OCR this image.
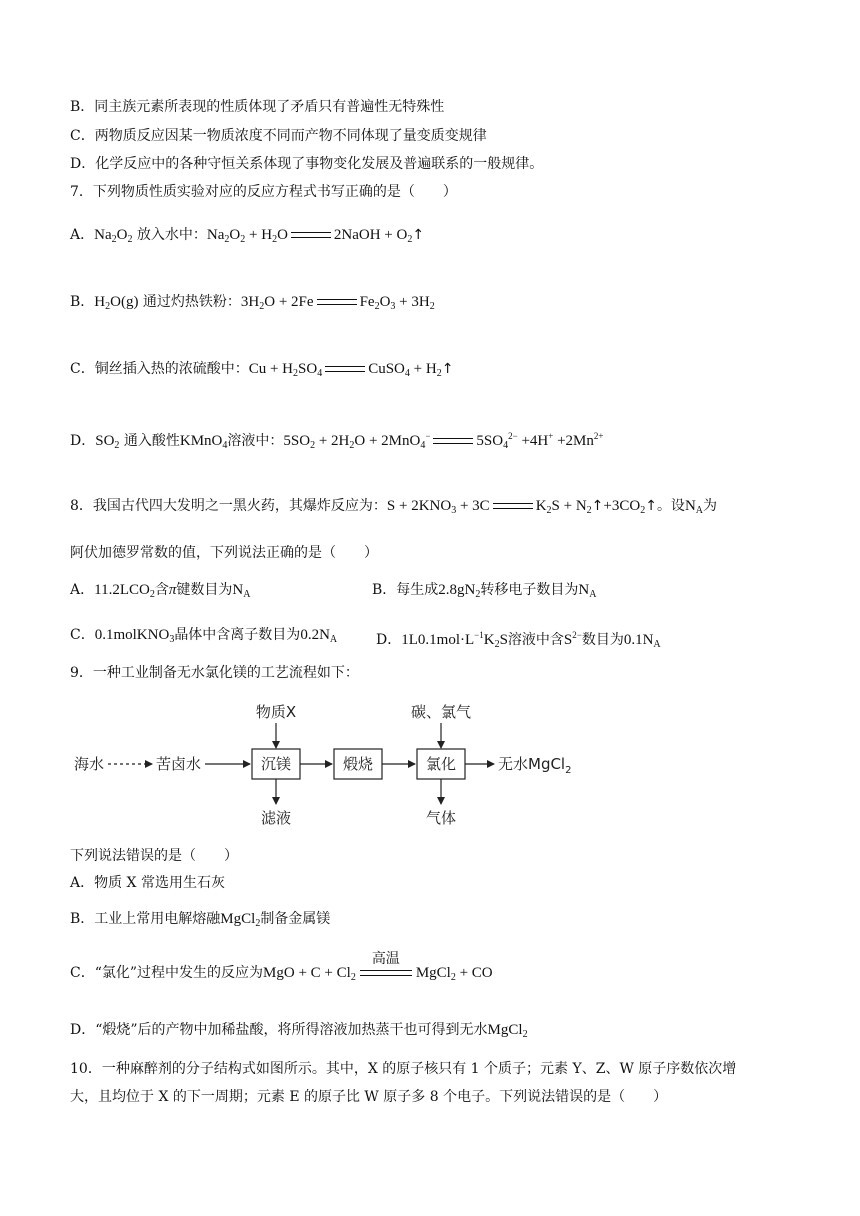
B．同主族元素所表现的性质体现了矛盾只有普遍性无特殊性
C．两物质反应因某一物质浓度不同而产物不同体现了量变质变规律
D．化学反应中的各种守恒关系体现了事物变化发展及普遍联系的一般规律。
7．下列物质性质实验对应的反应方程式书写正确的是（　　）
A．$Na_2O_2$ 放入水中：$Na_2O_2 + H_2O$	2NaOH + $O_2↑$
B．$H_2O(g)$ 通过灼热铁粉：$3H_2O + 2Fe$	$Fe_2O_3 + 3H_2$
C．铜丝插入热的浓硫酸中：$Cu + H_2SO_4$	CuSO$_4$ + $H_2↑$
D．$SO_2$ 通入酸性KMnO$_4$溶液中：$5SO_2 + 2H_2O + 2MnO_4^-$	$5SO_4^{2-} +4H^+ +2Mn^{2+}$
8．我国古代四大发明之一黑火药，其爆炸反应为：$S + 2KNO_3 + 3C$	$K_2S$ + $N_2↑+3CO_2↑$。设$N_A$为
阿伏加德罗常数的值，下列说法正确的是（　　）
A．$11.2LCO_2$含π键数目为$N_A$	B．每生成$2.8gN_2$转移电子数目为$N_A$
C．0.1molKNO$_3$晶体中含离子数目为$0.2N_A$	D．$1L0.1mol\cdot L^{-1}K_2S$溶液中含$S^{2-}$数目为$0.1N_A$
9．一种工业制备无水氯化镁的工艺流程如下：
物质X	碳、氯气
海水	苦卤水	沉镁	煅烧	氯化	无水MgCl$_2$
滤液	气体
下列说法错误的是（　　）
A．物质 X 常选用生石灰
B．工业上常用电解熔融MgCl$_2$制备金属镁
C．“氯化”过程中发生的反应为MgO + $C + Cl_2$
高温
MgCl$_2$ + CO
D．“煅烧”后的产物中加稀盐酸，将所得溶液加热蒸干也可得到无水MgCl$_2$
10．一种麻醉剂的分子结构式如图所示。其中，X 的原子核只有 1 个质子；元素 Y、Z、W 原子序数依次增
大，且均位于 X 的下一周期；元素 E 的原子比 W 原子多 8 个电子。下列说法错误的是（　　）
